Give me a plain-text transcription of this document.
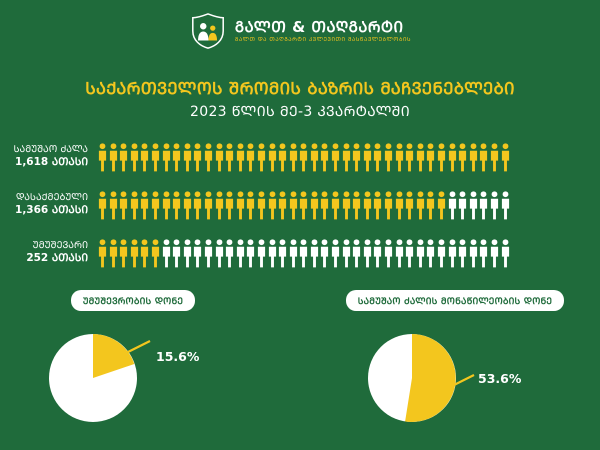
ᲒᲐᲚᲗ & ᲗᲐᲦᲒᲐᲠᲢᲘ
ᲒᲐᲚᲗ ᲓᲐ ᲗᲐᲦᲒᲐᲠᲢᲘ ᲙᲕᲚᲔᲕᲘᲗᲘ ᲛᲐᲡᲬᲐᲕᲚᲔᲑᲚᲝᲑᲘᲡ
ᲡᲐᲥᲐᲠᲗᲕᲔᲚᲝᲡ ᲨᲠᲝᲛᲘᲡ ᲑᲐᲖᲠᲘᲡ ᲛᲐᲩᲕᲔᲜᲔᲑᲚᲔᲑᲘ
2023 ᲬᲚᲘᲡ ᲛᲔ-3 ᲙᲕᲐᲠᲢᲐᲚᲨᲘ
ᲡᲐᲛᲣᲨᲐᲝ ᲫᲐᲚᲐ
1,618 ᲐᲗᲐᲡᲘ
ᲓᲐᲡᲐᲥᲛᲔᲑᲣᲚᲘ
1,366 ᲐᲗᲐᲡᲘ
ᲣᲛᲣᲨᲔᲕᲐᲠᲘ
252 ᲐᲗᲐᲡᲘ
ᲣᲛᲣᲨᲔᲕᲠᲝᲑᲘᲡ ᲓᲝᲜᲔ
15.6%
ᲡᲐᲛᲣᲨᲐᲝ ᲫᲐᲚᲘᲡ ᲛᲝᲜᲐᲬᲘᲚᲔᲝᲑᲘᲡ ᲓᲝᲜᲔ
53.6%
